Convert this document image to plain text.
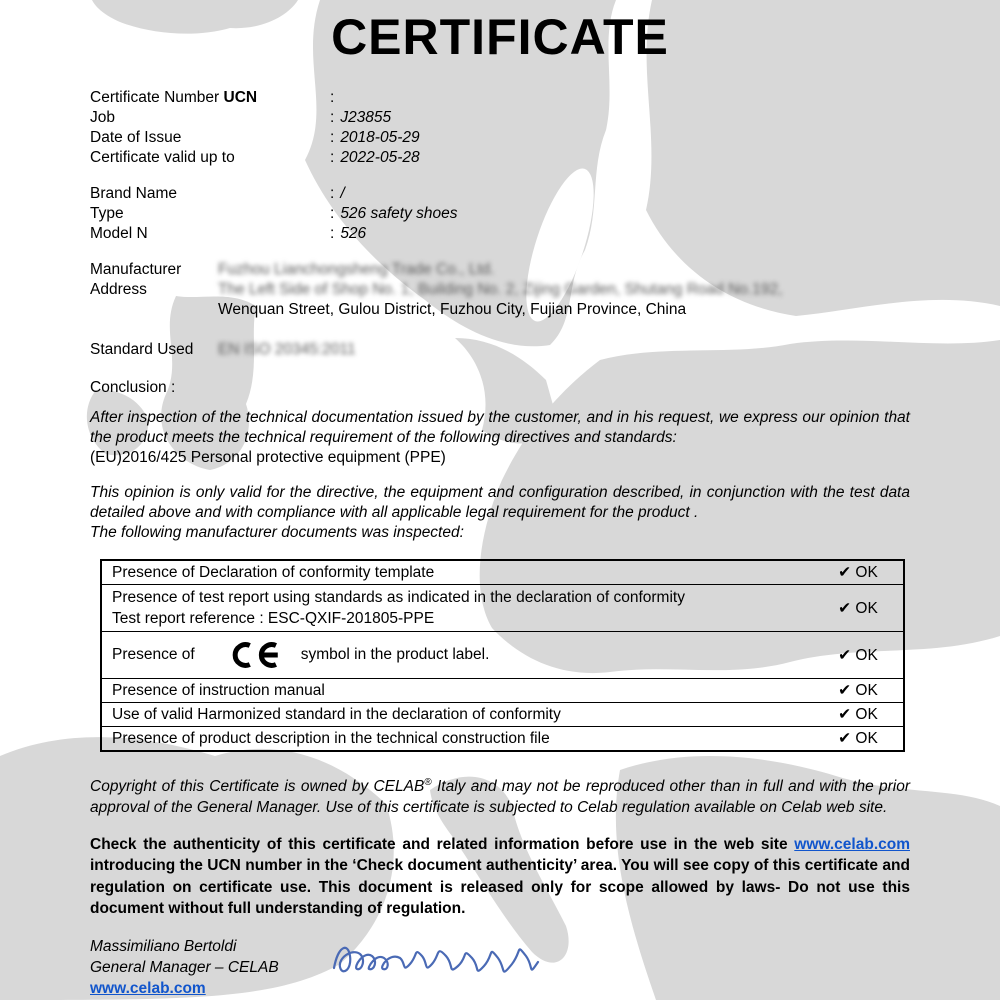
CERTIFICATE
Certificate Number UCN	:
Job	: J23855
Date of Issue	: 2018-05-29
Certificate valid up to	: 2022-05-28
Brand Name	: /
Type	: 526 safety shoes
Model N	: 526
Manufacturer	Fuzhou Lianchongsheng Trade Co., Ltd.
Address	The Left Side of Shop No. 1, Building No. 2, Zijing Garden, Shutang Road No.192,
Wenquan Street, Gulou District, Fuzhou City, Fujian Province, China
Standard Used	EN ISO 20345:2011
Conclusion :

After inspection of the technical documentation issued by the customer, and in his request, we express our opinion that the product meets the technical requirement of the following directives and standards:

(EU)2016/425 Personal protective equipment (PPE)

This opinion is only valid for the directive, the equipment and configuration described, in conjunction with the test data detailed above and with compliance with all applicable legal requirement for the product .

The following manufacturer documents was inspected:

Presence of Declaration of conformity template	✔ OK

Presence of test report using standards as indicated in the declaration of conformity
Test report reference : ESC-QXIF-201805-PPE	✔ OK

Presence of symbol in the product label.	✔ OK
Presence of instruction manual	✔ OK
Use of valid Harmonized standard in the declaration of conformity	✔ OK
Presence of product description in the technical construction file	✔ OK

Copyright of this Certificate is owned by CELAB® Italy and may not be reproduced other than in full and with the prior approval of the General Manager. Use of this certificate is subjected to Celab regulation available on Celab web site.

Check the authenticity of this certificate and related information before use in the web site www.celab.com introducing the UCN number in the ‘Check document authenticity’ area. You will see copy of this certificate and regulation on certificate use. This document is released only for scope allowed by laws- Do not use this document without full understanding of regulation.

Massimiliano Bertoldi
General Manager – CELAB
www.celab.com
